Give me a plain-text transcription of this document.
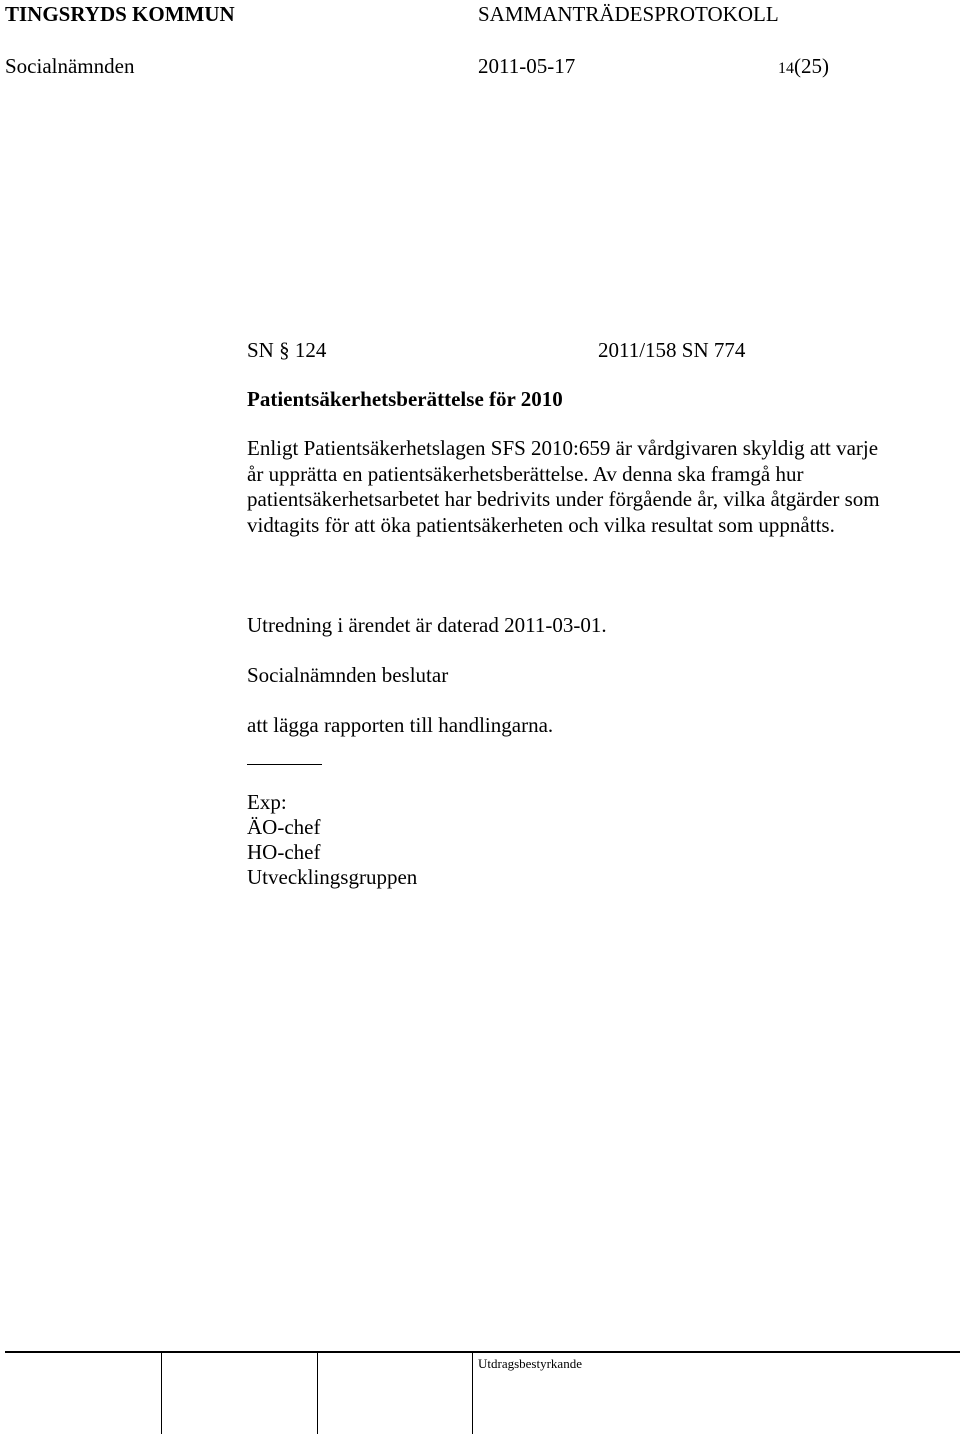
TINGSRYDS KOMMUN	SAMMANTRÄDESPROTOKOLL
Socialnämnden	2011-05-17	14(25)
SN § 124	2011/158 SN 774
Patientsäkerhetsberättelse för 2010

Enligt Patientsäkerhetslagen SFS 2010:659 är vårdgivaren skyldig att varje år upprätta en patientsäkerhetsberättelse. Av denna ska framgå hur patientsäkerhetsarbetet har bedrivits under förgående år, vilka åtgärder som vidtagits för att öka patientsäkerheten och vilka resultat som uppnåtts.

Utredning i ärendet är daterad 2011-03-01.
Socialnämnden beslutar
att lägga rapporten till handlingarna.
Exp:
ÄO-chef
HO-chef
Utvecklingsgruppen
Utdragsbestyrkande
